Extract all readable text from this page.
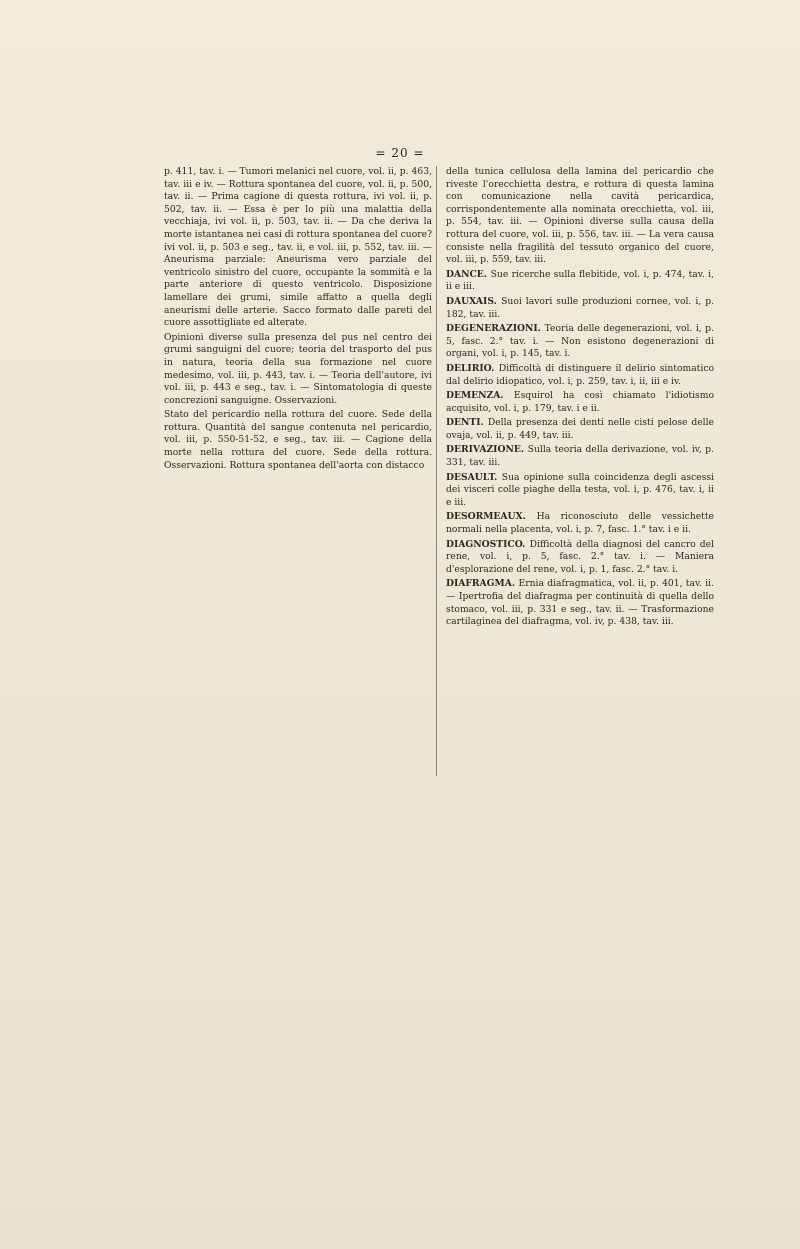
= 20 =

p. 411, tav. i. — Tumori melanici nel cuore, vol. ii, p. 463, tav. iii e iv. — Rottura spontanea del cuore, vol. ii, p. 500, tav. ii. — Prima cagione di questa rottura, ivi vol. ii, p. 502, tav. ii. — Essa è per lo più una malattia della vecchiaja, ivi vol. ii, p. 503, tav. ii. — Da che deriva la morte istantanea nei casi di rottura spontanea del cuore? ivi vol. ii, p. 503 e seg., tav. ii, e vol. iii, p. 552, tav. iii. — Aneurisma parziale: Aneurisma vero parziale del ventricolo sinistro del cuore, occupante la sommità e la parte anteriore di questo ventricolo. Disposizione lamellare dei grumi, simile affatto a quella degli aneurismi delle arterie. Sacco formato dalle pareti del cuore assottigliate ed alterate.

Opinioni diverse sulla presenza del pus nel centro dei grumi sanguigni del cuore; teoria del trasporto del pus in natura, teoria della sua formazione nel cuore medesimo, vol. iii, p. 443, tav. i. — Teoria dell'autore, ivi vol. iii, p. 443 e seg., tav. i. — Sintomatologia di queste concrezioni sanguigne. Osservazioni.

Stato del pericardio nella rottura del cuore. Sede della rottura. Quantità del sangue contenuta nel pericardio, vol. iii, p. 550-51-52, e seg., tav. iii. — Cagione della morte nella rottura del cuore. Sede della rottura. Osservazioni. Rottura spontanea dell'aorta con distacco

della tunica cellulosa della lamina del pericardio che riveste l'orecchietta destra, e rottura di questa lamina con comunicazione nella cavità pericardica, corrispondentemente alla nominata orecchietta, vol. iii, p. 554, tav. iii. — Opinioni diverse sulla causa della rottura del cuore, vol. iii, p. 556, tav. iii. — La vera causa consiste nella fragilità del tessuto organico del cuore, vol. iii, p. 559, tav. iii.

DANCE. Sue ricerche sulla flebitide, vol. i, p. 474, tav. i, ii e iii.

DAUXAIS. Suoi lavori sulle produzioni cornee, vol. i, p. 182, tav. iii.

DEGENERAZIONI. Teoria delle degenerazioni, vol. i, p. 5, fasc. 2.° tav. i. — Non esistono degenerazioni di organi, vol. i, p. 145, tav. i.

DELIRIO. Difficoltà di distinguere il delirio sintomatico dal delirio idiopatico, vol. i, p. 259, tav. i, ii, iii e iv.

DEMENZA. Esquirol ha così chiamato l'idiotismo acquisito, vol. i, p. 179, tav. i e ii.

DENTI. Della presenza dei denti nelle cisti pelose delle ovaja, vol. ii, p. 449, tav. iii.

DERIVAZIONE. Sulla teoria della derivazione, vol. iv, p. 331, tav. iii.

DESAULT. Sua opinione sulla coincidenza degli ascessi dei visceri colle piaghe della testa, vol. i, p. 476, tav. i, ii e iii.

DESORMEAUX. Ha riconosciuto delle vessichette normali nella placenta, vol. i, p. 7, fasc. 1.° tav. i e ii.

DIAGNOSTICO. Difficoltà della diagnosi del cancro del rene, vol. i, p. 5, fasc. 2.° tav. i. — Maniera d'esplorazione del rene, vol. i, p. 1, fasc. 2.° tav. i.

DIAFRAGMA. Ernia diafragmatica, vol. ii, p. 401, tav. ii. — Ipertrofia del diafragma per continuità di quella dello stomaco, vol. iii, p. 331 e seg., tav. ii. — Trasformazione cartilaginea del diafragma, vol. iv, p. 438, tav. iii.
